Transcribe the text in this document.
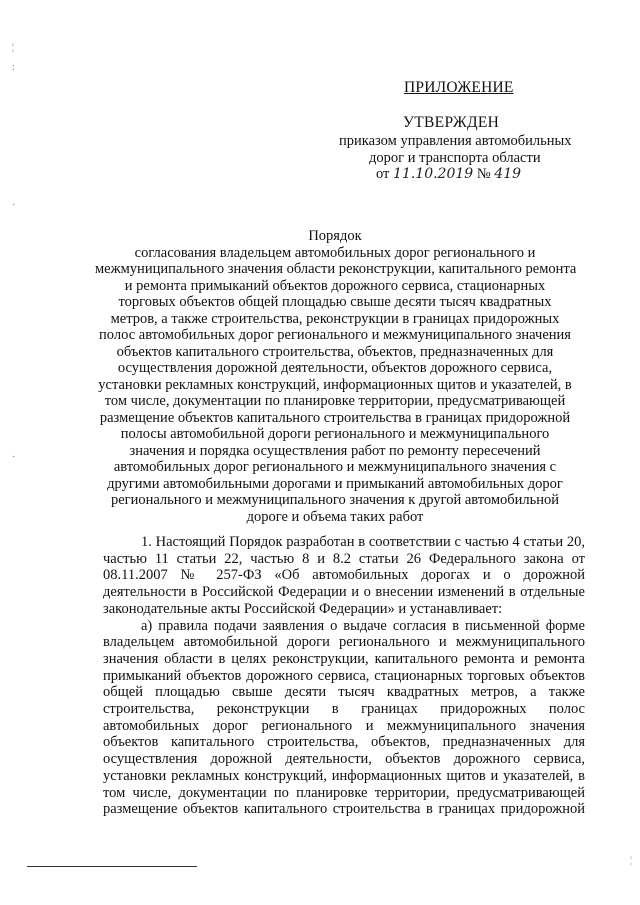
¦
:
·
·
¦
ПРИЛОЖЕНИЕ
УТВЕРЖДЕН
приказом управления автомобильных
дорог и транспорта области
от 11.10.2019 № 419
Порядок
согласования владельцем автомобильных дорог регионального и
межмуниципального значения области реконструкции, капитального ремонта
и ремонта примыканий объектов дорожного сервиса, стационарных
торговых объектов общей площадью свыше десяти тысяч квадратных
метров, а также строительства, реконструкции в границах придорожных
полос автомобильных дорог регионального и межмуниципального значения
объектов капитального строительства, объектов, предназначенных для
осуществления дорожной деятельности, объектов дорожного сервиса,
установки рекламных конструкций, информационных щитов и указателей, в
том числе, документации по планировке территории, предусматривающей
размещение объектов капитального строительства в границах придорожной
полосы автомобильной дороги регионального и межмуниципального
значения и порядка осуществления работ по ремонту пересечений
автомобильных дорог регионального и межмуниципального значения с
другими автомобильными дорогами и примыканий автомобильных дорог
регионального и межмуниципального значения к другой автомобильной
дороге и объема таких работ
1. Настоящий Порядок разработан в соответствии с частью 4 статьи 20,
частью 11 статьи 22, частью 8 и 8.2 статьи 26 Федерального закона от
08.11.2007 № 257-ФЗ «Об автомобильных дорогах и о дорожной
деятельности в Российской Федерации и о внесении изменений в отдельные
законодательные акты Российской Федерации» и устанавливает:
а) правила подачи заявления о выдаче согласия в письменной форме
владельцем автомобильной дороги регионального и межмуниципального
значения области в целях реконструкции, капитального ремонта и ремонта
примыканий объектов дорожного сервиса, стационарных торговых объектов
общей площадью свыше десяти тысяч квадратных метров, а также
строительства, реконструкции в границах придорожных полос
автомобильных дорог регионального и межмуниципального значения
объектов капитального строительства, объектов, предназначенных для
осуществления дорожной деятельности, объектов дорожного сервиса,
установки рекламных конструкций, информационных щитов и указателей, в
том числе, документации по планировке территории, предусматривающей
размещение объектов капитального строительства в границах придорожной
